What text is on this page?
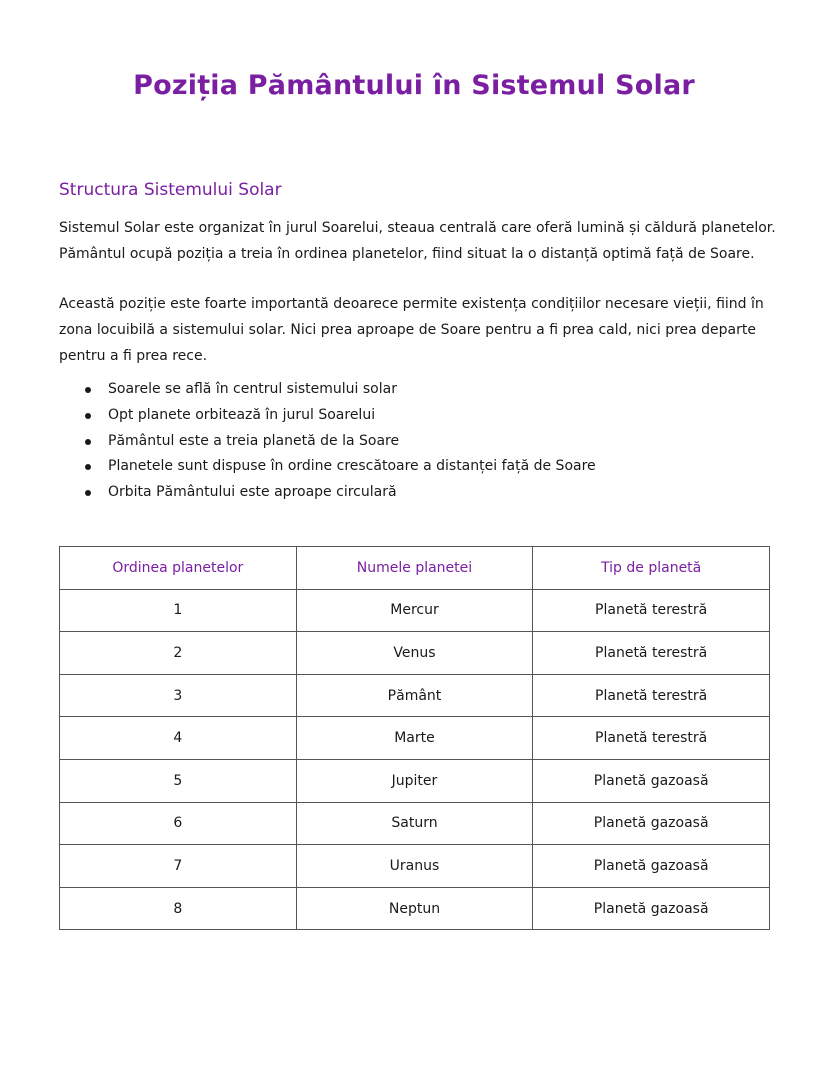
Poziția Pământului în Sistemul Solar
Structura Sistemului Solar
Sistemul Solar este organizat în jurul Soarelui, steaua centrală care oferă lumină și căldură planetelor. Pământul ocupă poziția a treia în ordinea planetelor, fiind situat la o distanță optimă față de Soare.
Această poziție este foarte importantă deoarece permite existența condițiilor necesare vieții, fiind în zona locuibilă a sistemului solar. Nici prea aproape de Soare pentru a fi prea cald, nici prea departe pentru a fi prea rece.
Soarele se află în centrul sistemului solar
Opt planete orbitează în jurul Soarelui
Pământul este a treia planetă de la Soare
Planetele sunt dispuse în ordine crescătoare a distanței față de Soare
Orbita Pământului este aproape circulară
Ordinea planetelor	Numele planetei	Tip de planetă
1	Mercur	Planetă terestră
2	Venus	Planetă terestră
3	Pământ	Planetă terestră
4	Marte	Planetă terestră
5	Jupiter	Planetă gazoasă
6	Saturn	Planetă gazoasă
7	Uranus	Planetă gazoasă
8	Neptun	Planetă gazoasă
